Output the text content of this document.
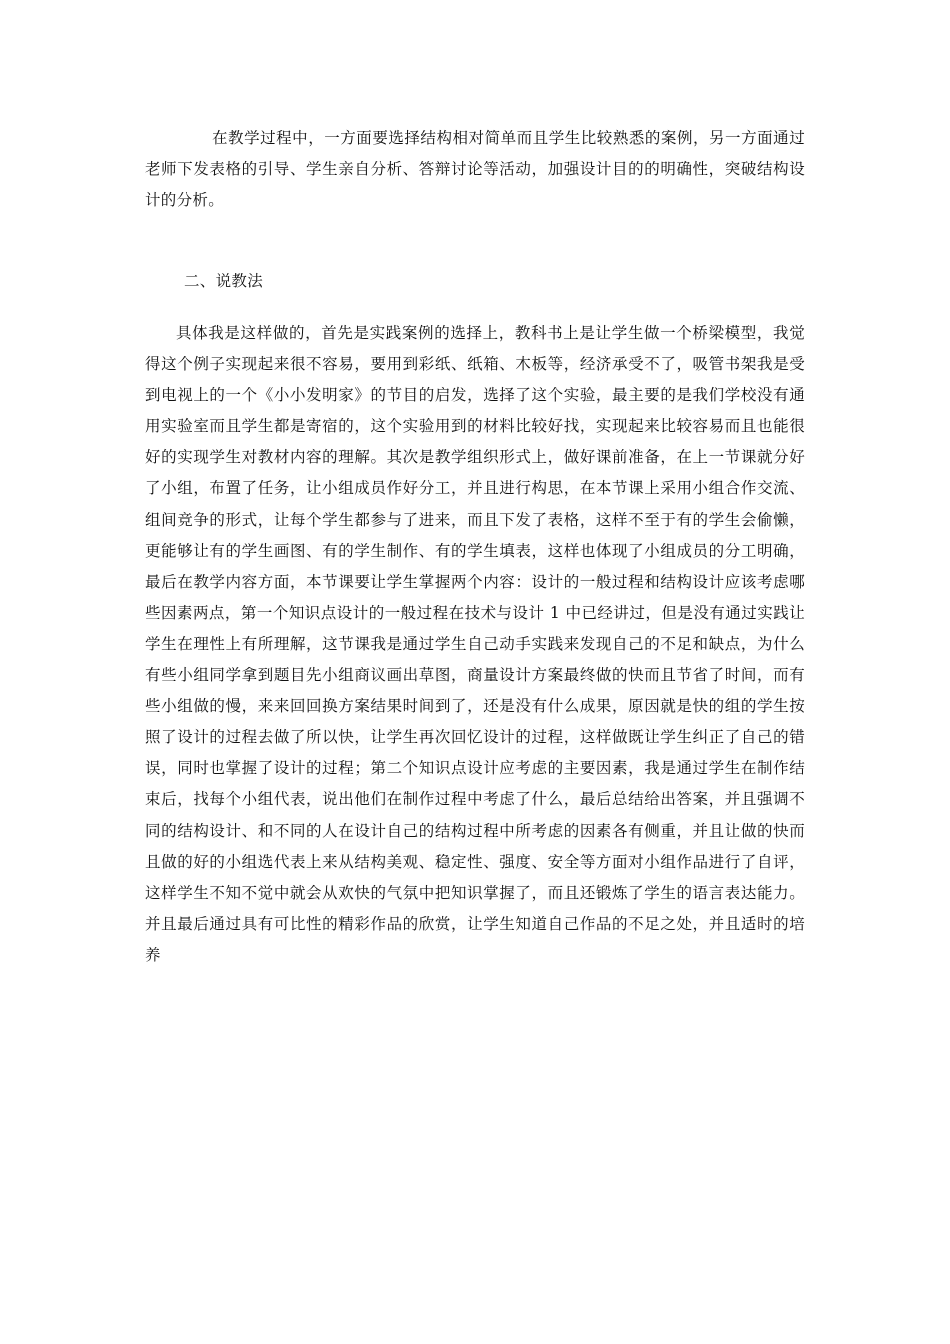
在教学过程中，一方面要选择结构相对简单而且学生比较熟悉的案例，另一方面通过老师下发表格的引导、学生亲自分析、答辩讨论等活动，加强设计目的的明确性，突破结构设计的分析。

二、说教法

具体我是这样做的，首先是实践案例的选择上，教科书上是让学生做一个桥梁模型，我觉得这个例子实现起来很不容易，要用到彩纸、纸箱、木板等，经济承受不了，吸管书架我是受到电视上的一个《小小发明家》的节目的启发，选择了这个实验，最主要的是我们学校没有通用实验室而且学生都是寄宿的，这个实验用到的材料比较好找，实现起来比较容易而且也能很好的实现学生对教材内容的理解。其次是教学组织形式上，做好课前准备，在上一节课就分好了小组，布置了任务，让小组成员作好分工，并且进行构思，在本节课上采用小组合作交流、组间竞争的形式，让每个学生都参与了进来，而且下发了表格，这样不至于有的学生会偷懒，更能够让有的学生画图、有的学生制作、有的学生填表，这样也体现了小组成员的分工明确，最后在教学内容方面，本节课要让学生掌握两个内容：设计的一般过程和结构设计应该考虑哪些因素两点，第一个知识点设计的一般过程在技术与设计 1 中已经讲过，但是没有通过实践让学生在理性上有所理解，这节课我是通过学生自己动手实践来发现自己的不足和缺点，为什么有些小组同学拿到题目先小组商议画出草图，商量设计方案最终做的快而且节省了时间，而有些小组做的慢，来来回回换方案结果时间到了，还是没有什么成果，原因就是快的组的学生按照了设计的过程去做了所以快，让学生再次回忆设计的过程，这样做既让学生纠正了自己的错误，同时也掌握了设计的过程；第二个知识点设计应考虑的主要因素，我是通过学生在制作结束后，找每个小组代表，说出他们在制作过程中考虑了什么，最后总结给出答案，并且强调不同的结构设计、和不同的人在设计自己的结构过程中所考虑的因素各有侧重，并且让做的快而且做的好的小组选代表上来从结构美观、稳定性、强度、安全等方面对小组作品进行了自评，这样学生不知不觉中就会从欢快的气氛中把知识掌握了，而且还锻炼了学生的语言表达能力。并且最后通过具有可比性的精彩作品的欣赏，让学生知道自己作品的不足之处，并且适时的培养
